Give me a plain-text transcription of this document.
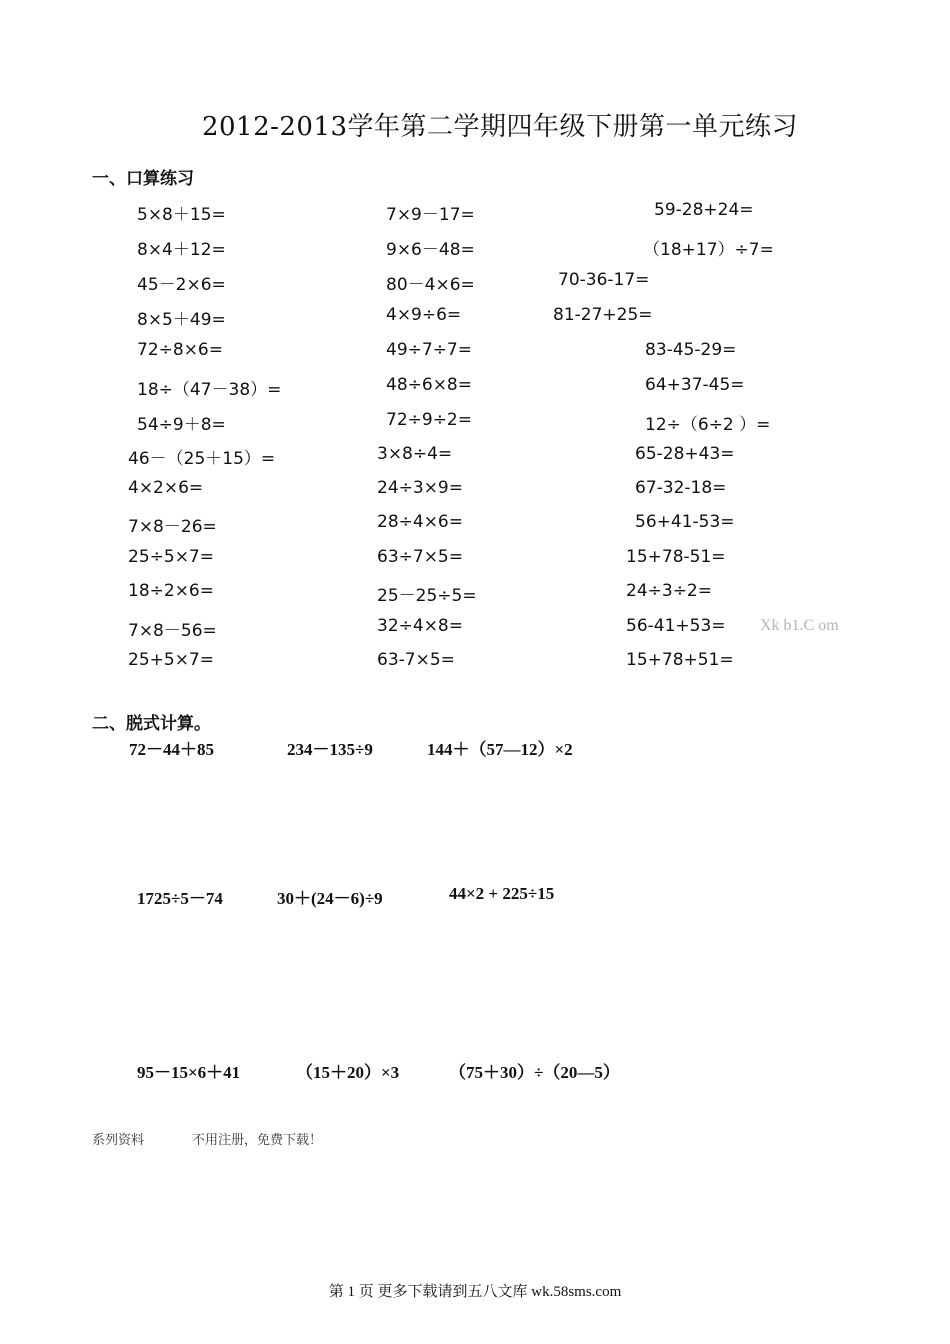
2012-2013学年第二学期四年级下册第一单元练习
一、口算练习
5×8＋15=	7×9－17=	59-28+24=
8×4＋12=	9×6－48=	（18+17）÷7=
45－2×6=	80－4×6=	70-36-17=
8×5＋49=	4×9÷6=	81-27+25=
72÷8×6=	49÷7÷7=	83-45-29=
18÷（47－38）=	48÷6×8=	64+37-45=
54÷9＋8=	72÷9÷2=	12÷（6÷2 ）=
46－（25＋15）=	3×8÷4=	65-28+43=
4×2×6=	24÷3×9=	67-32-18=
7×8－26=	28÷4×6=	56+41-53=
25÷5×7=	63÷7×5=	15+78-51=
18÷2×6=	25－25÷5=	24÷3÷2=
7×8－56=	32÷4×8=	56-41+53=
25+5×7=	63-7×5=	15+78+51=
Xk b1.C om
二、脱式计算。
72－44＋85	234－135÷9	144＋（57—12）×2
1725÷5－74	30＋(24－6)÷9	44×2 + 225÷15
95－15×6＋41	（15＋20）×3	（75＋30）÷（20—5）
系列资料	不用注册，免费下载！
第 1 页 更多下载请到五八文库 wk.58sms.com
